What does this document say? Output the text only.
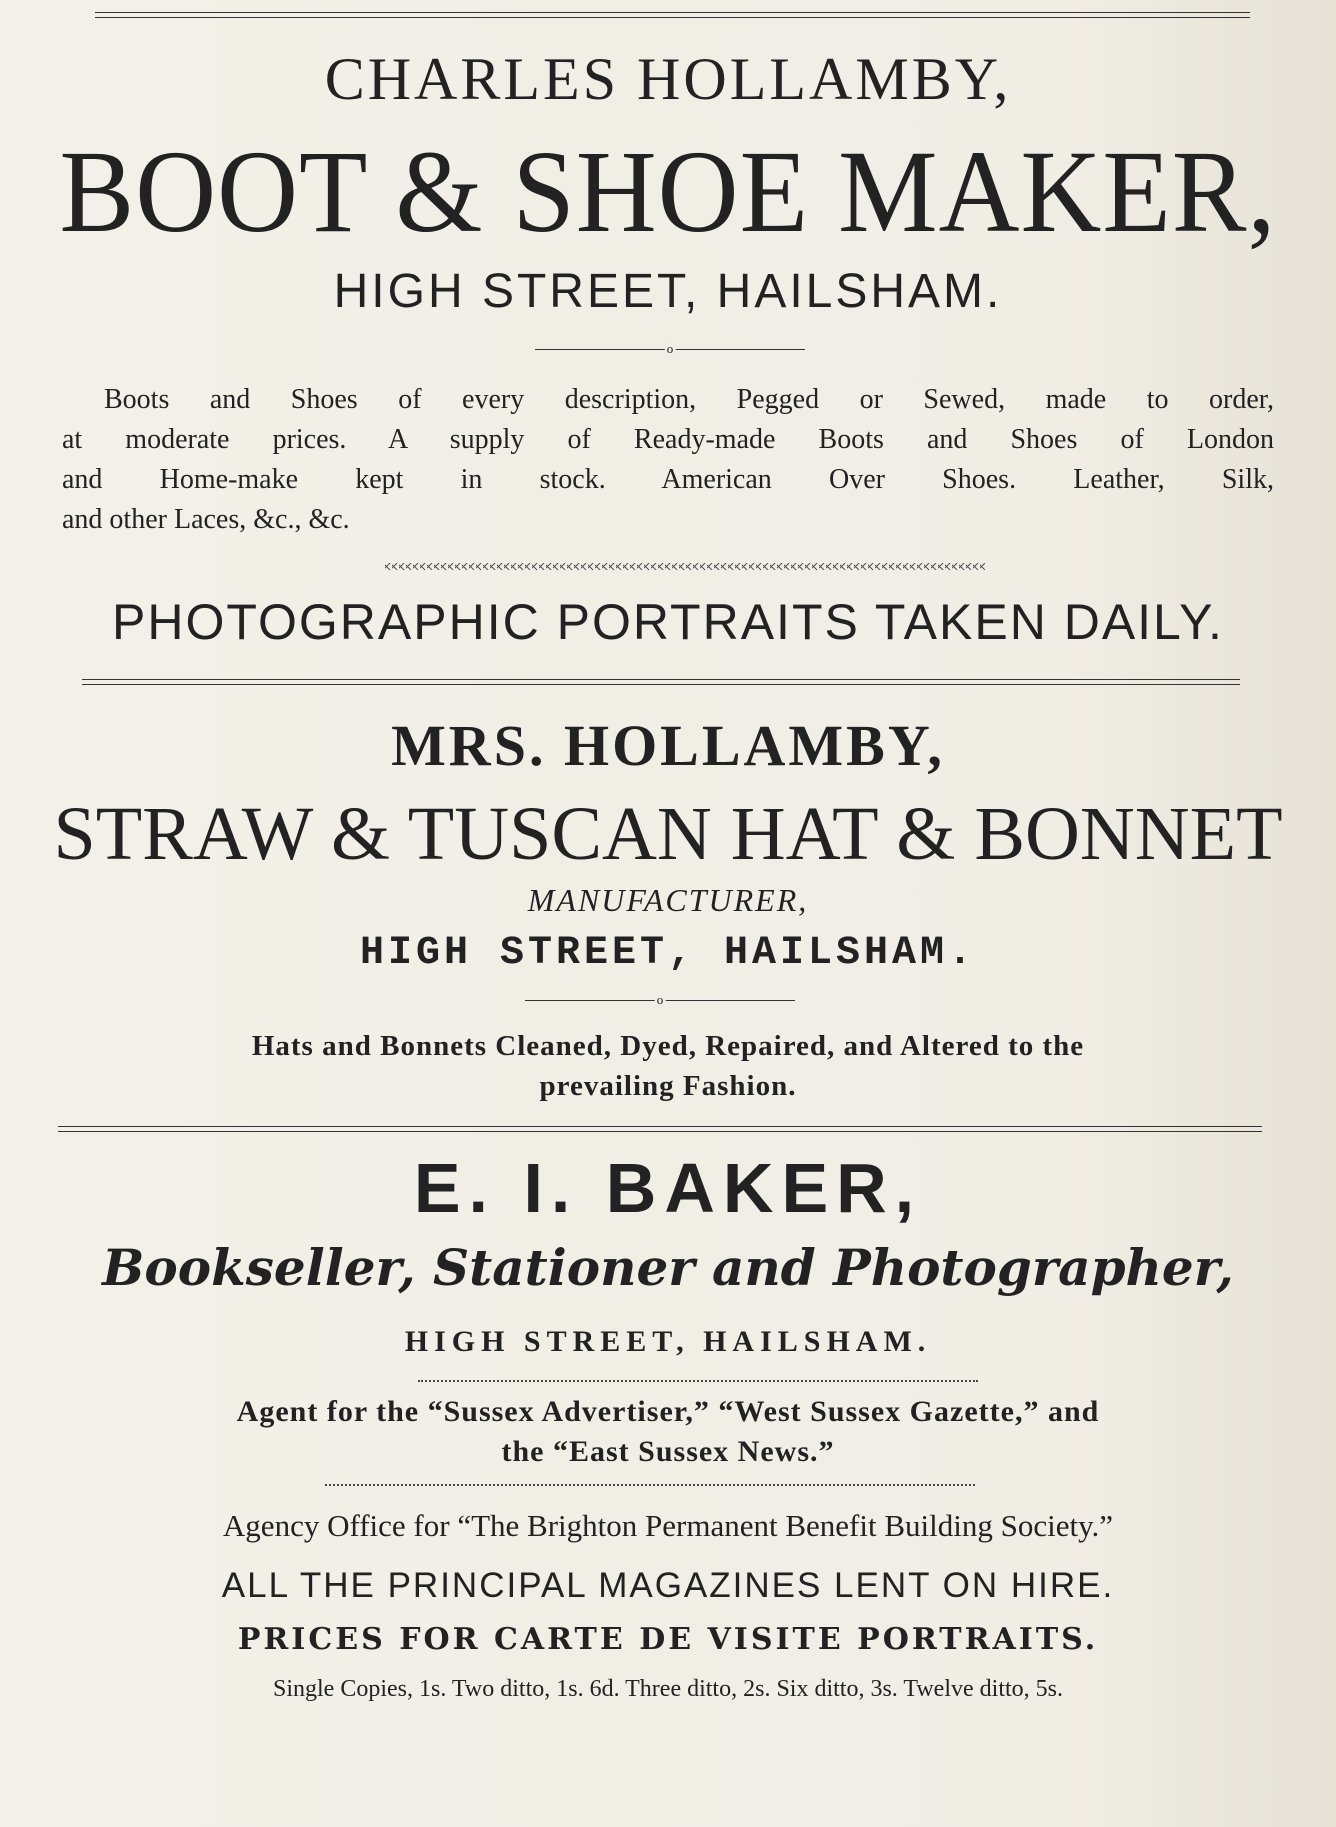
CHARLES HOLLAMBY,
BOOT & SHOE MAKER,
HIGH STREET, HAILSHAM.
o
Boots and Shoes of every description, Pegged or Sewed, made to order,
at moderate prices. A supply of Ready-made Boots and Shoes of London
and Home-make kept in stock. American Over Shoes. Leather, Silk,
and other Laces, &c., &c.
PHOTOGRAPHIC PORTRAITS TAKEN DAILY.
MRS. HOLLAMBY,
STRAW & TUSCAN HAT & BONNET
MANUFACTURER,
HIGH STREET, HAILSHAM.
o
Hats and Bonnets Cleaned, Dyed, Repaired, and Altered to the
prevailing Fashion.
E. I. BAKER,
Bookseller, Stationer and Photographer,
HIGH STREET, HAILSHAM.
Agent for the “Sussex Advertiser,” “West Sussex Gazette,” and
the “East Sussex News.”
Agency Office for “The Brighton Permanent Benefit Building Society.”
ALL THE PRINCIPAL MAGAZINES LENT ON HIRE.
PRICES FOR CARTE DE VISITE PORTRAITS.
Single Copies, 1s. Two ditto, 1s. 6d. Three ditto, 2s. Six ditto, 3s. Twelve ditto, 5s.
